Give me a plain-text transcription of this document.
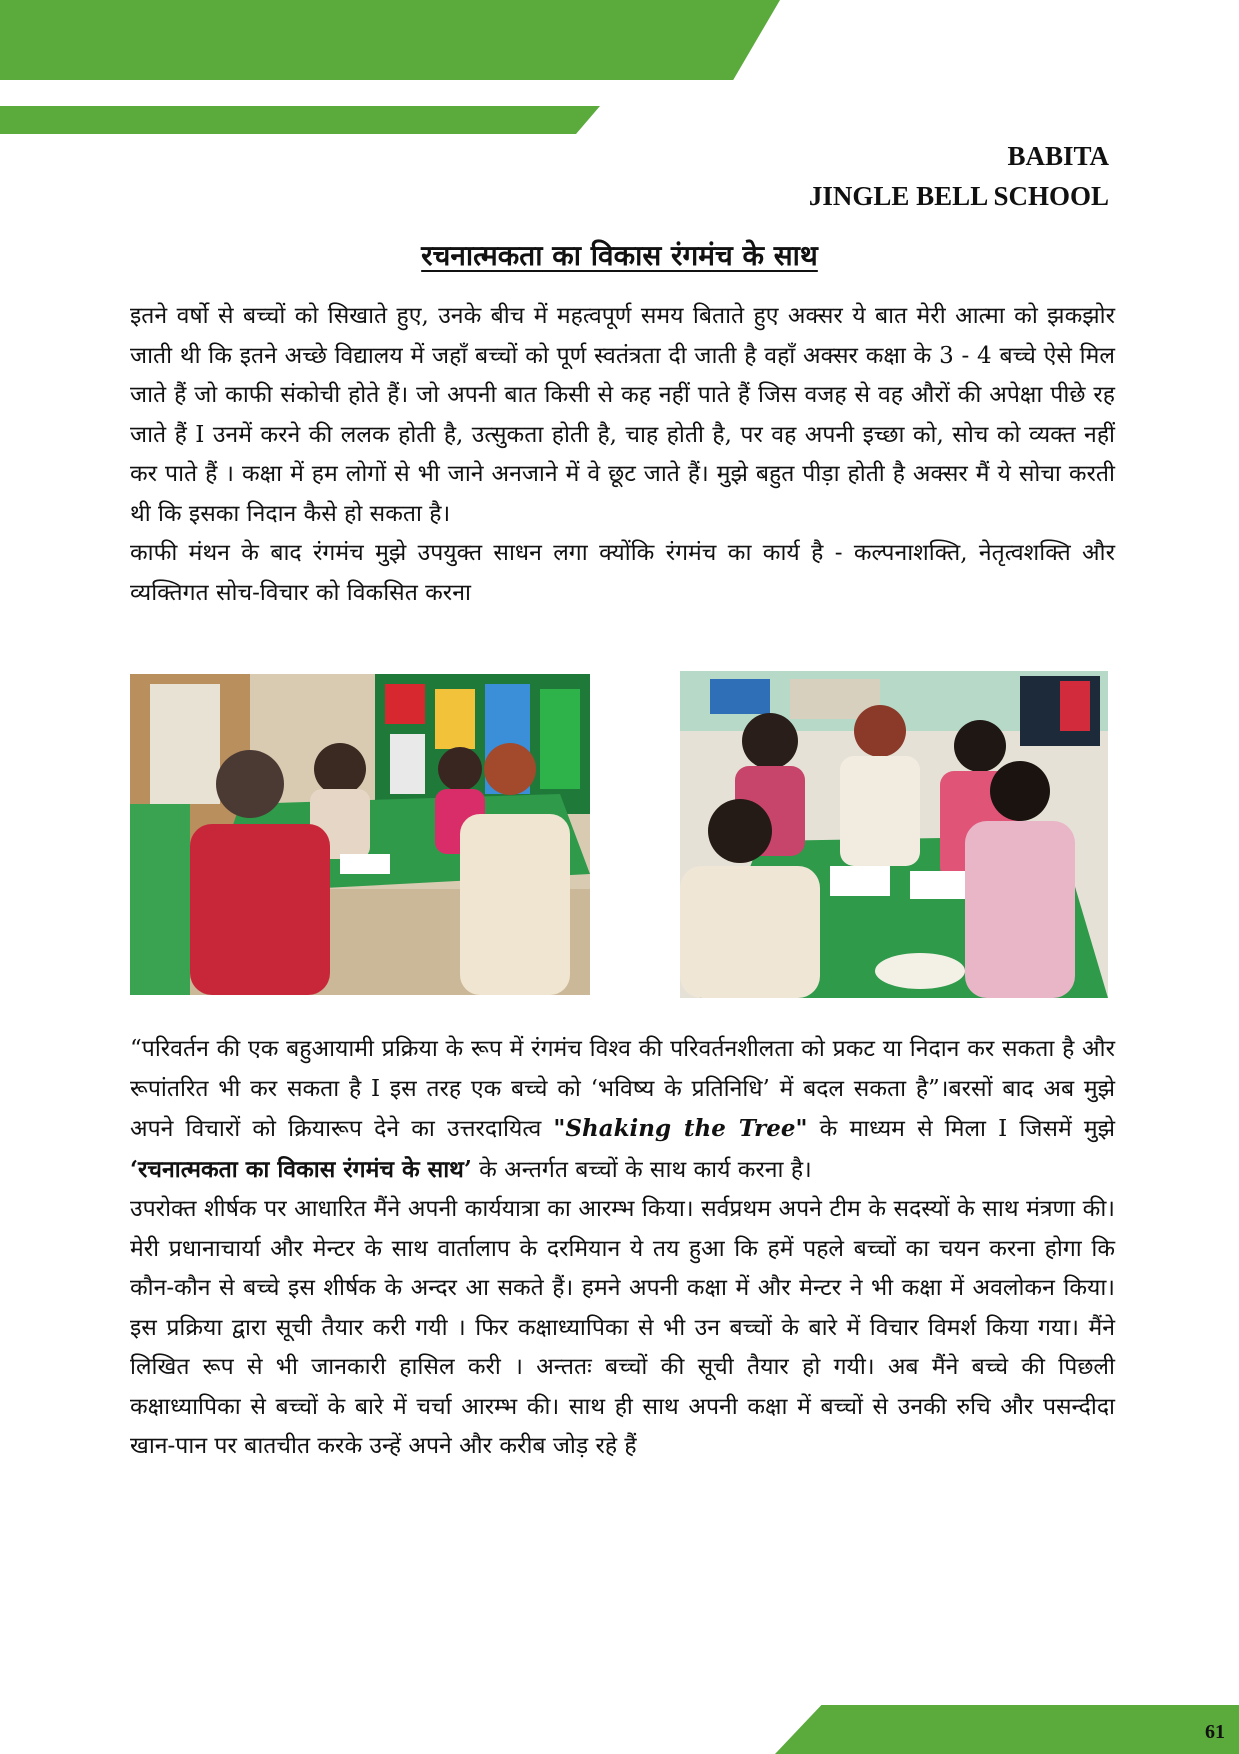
BABITA
JINGLE BELL SCHOOL
रचनात्मकता का विकास रंगमंच के साथ

इतने वर्षो से बच्चों को सिखाते हुए, उनके बीच में महत्वपूर्ण समय बिताते हुए अक्सर ये बात मेरी आत्मा को झकझोर जाती थी कि इतने अच्छे विद्यालय में जहाँ बच्चों को पूर्ण स्वतंत्रता दी जाती है वहाँ अक्सर कक्षा के 3 - 4 बच्चे ऐसे मिल जाते हैं जो काफी संकोची होते हैं। जो अपनी बात किसी से कह नहीं पाते हैं जिस वजह से वह औरों की अपेक्षा पीछे रह जाते हैं I उनमें करने की ललक होती है, उत्सुकता होती है, चाह होती है, पर वह अपनी इच्छा को, सोच को व्यक्त नहीं कर पाते हैं । कक्षा में हम लोगों से भी जाने अनजाने में वे छूट जाते हैं। मुझे बहुत पीड़ा होती है अक्सर मैं ये सोचा करती थी कि इसका निदान कैसे हो सकता है।

काफी मंथन के बाद रंगमंच मुझे उपयुक्त साधन लगा क्योंकि रंगमंच का कार्य है - कल्पनाशक्ति, नेतृत्वशक्ति और व्यक्तिगत सोच-विचार को विकसित करना

“परिवर्तन की एक बहुआयामी प्रक्रिया के रूप में रंगमंच विश्व की परिवर्तनशीलता को प्रकट या निदान कर सकता है और रूपांतरित भी कर सकता है I इस तरह एक बच्चे को ‘भविष्य के प्रतिनिधि’ में बदल सकता है”।बरसों बाद अब मुझे अपने विचारों को क्रियारूप देने का उत्तरदायित्व "Shaking the Tree" के माध्यम से मिला I जिसमें मुझे ‘रचनात्मकता का विकास रंगमंच के साथ’ के अन्तर्गत बच्चों के साथ कार्य करना है।

उपरोक्त शीर्षक पर आधारित मैंने अपनी कार्ययात्रा का आरम्भ किया। सर्वप्रथम अपने टीम के सदस्यों के साथ मंत्रणा की। मेरी प्रधानाचार्या और मेन्टर के साथ वार्तालाप के दरमियान ये तय हुआ कि हमें पहले बच्चों का चयन करना होगा कि कौन-कौन से बच्चे इस शीर्षक के अन्दर आ सकते हैं। हमने अपनी कक्षा में और मेन्टर ने भी कक्षा में अवलोकन किया। इस प्रक्रिया द्वारा सूची तैयार करी गयी । फिर कक्षाध्यापिका से भी उन बच्चों के बारे में विचार विमर्श किया गया। मैंने लिखित रूप से भी जानकारी हासिल करी । अन्ततः बच्चों की सूची तैयार हो गयी। अब मैंने बच्चे की पिछली कक्षाध्यापिका से बच्चों के बारे में चर्चा आरम्भ की। साथ ही साथ अपनी कक्षा में बच्चों से उनकी रुचि और पसन्दीदा खान-पान पर बातचीत करके उन्हें अपने और करीब जोड़ रहे हैं

61
